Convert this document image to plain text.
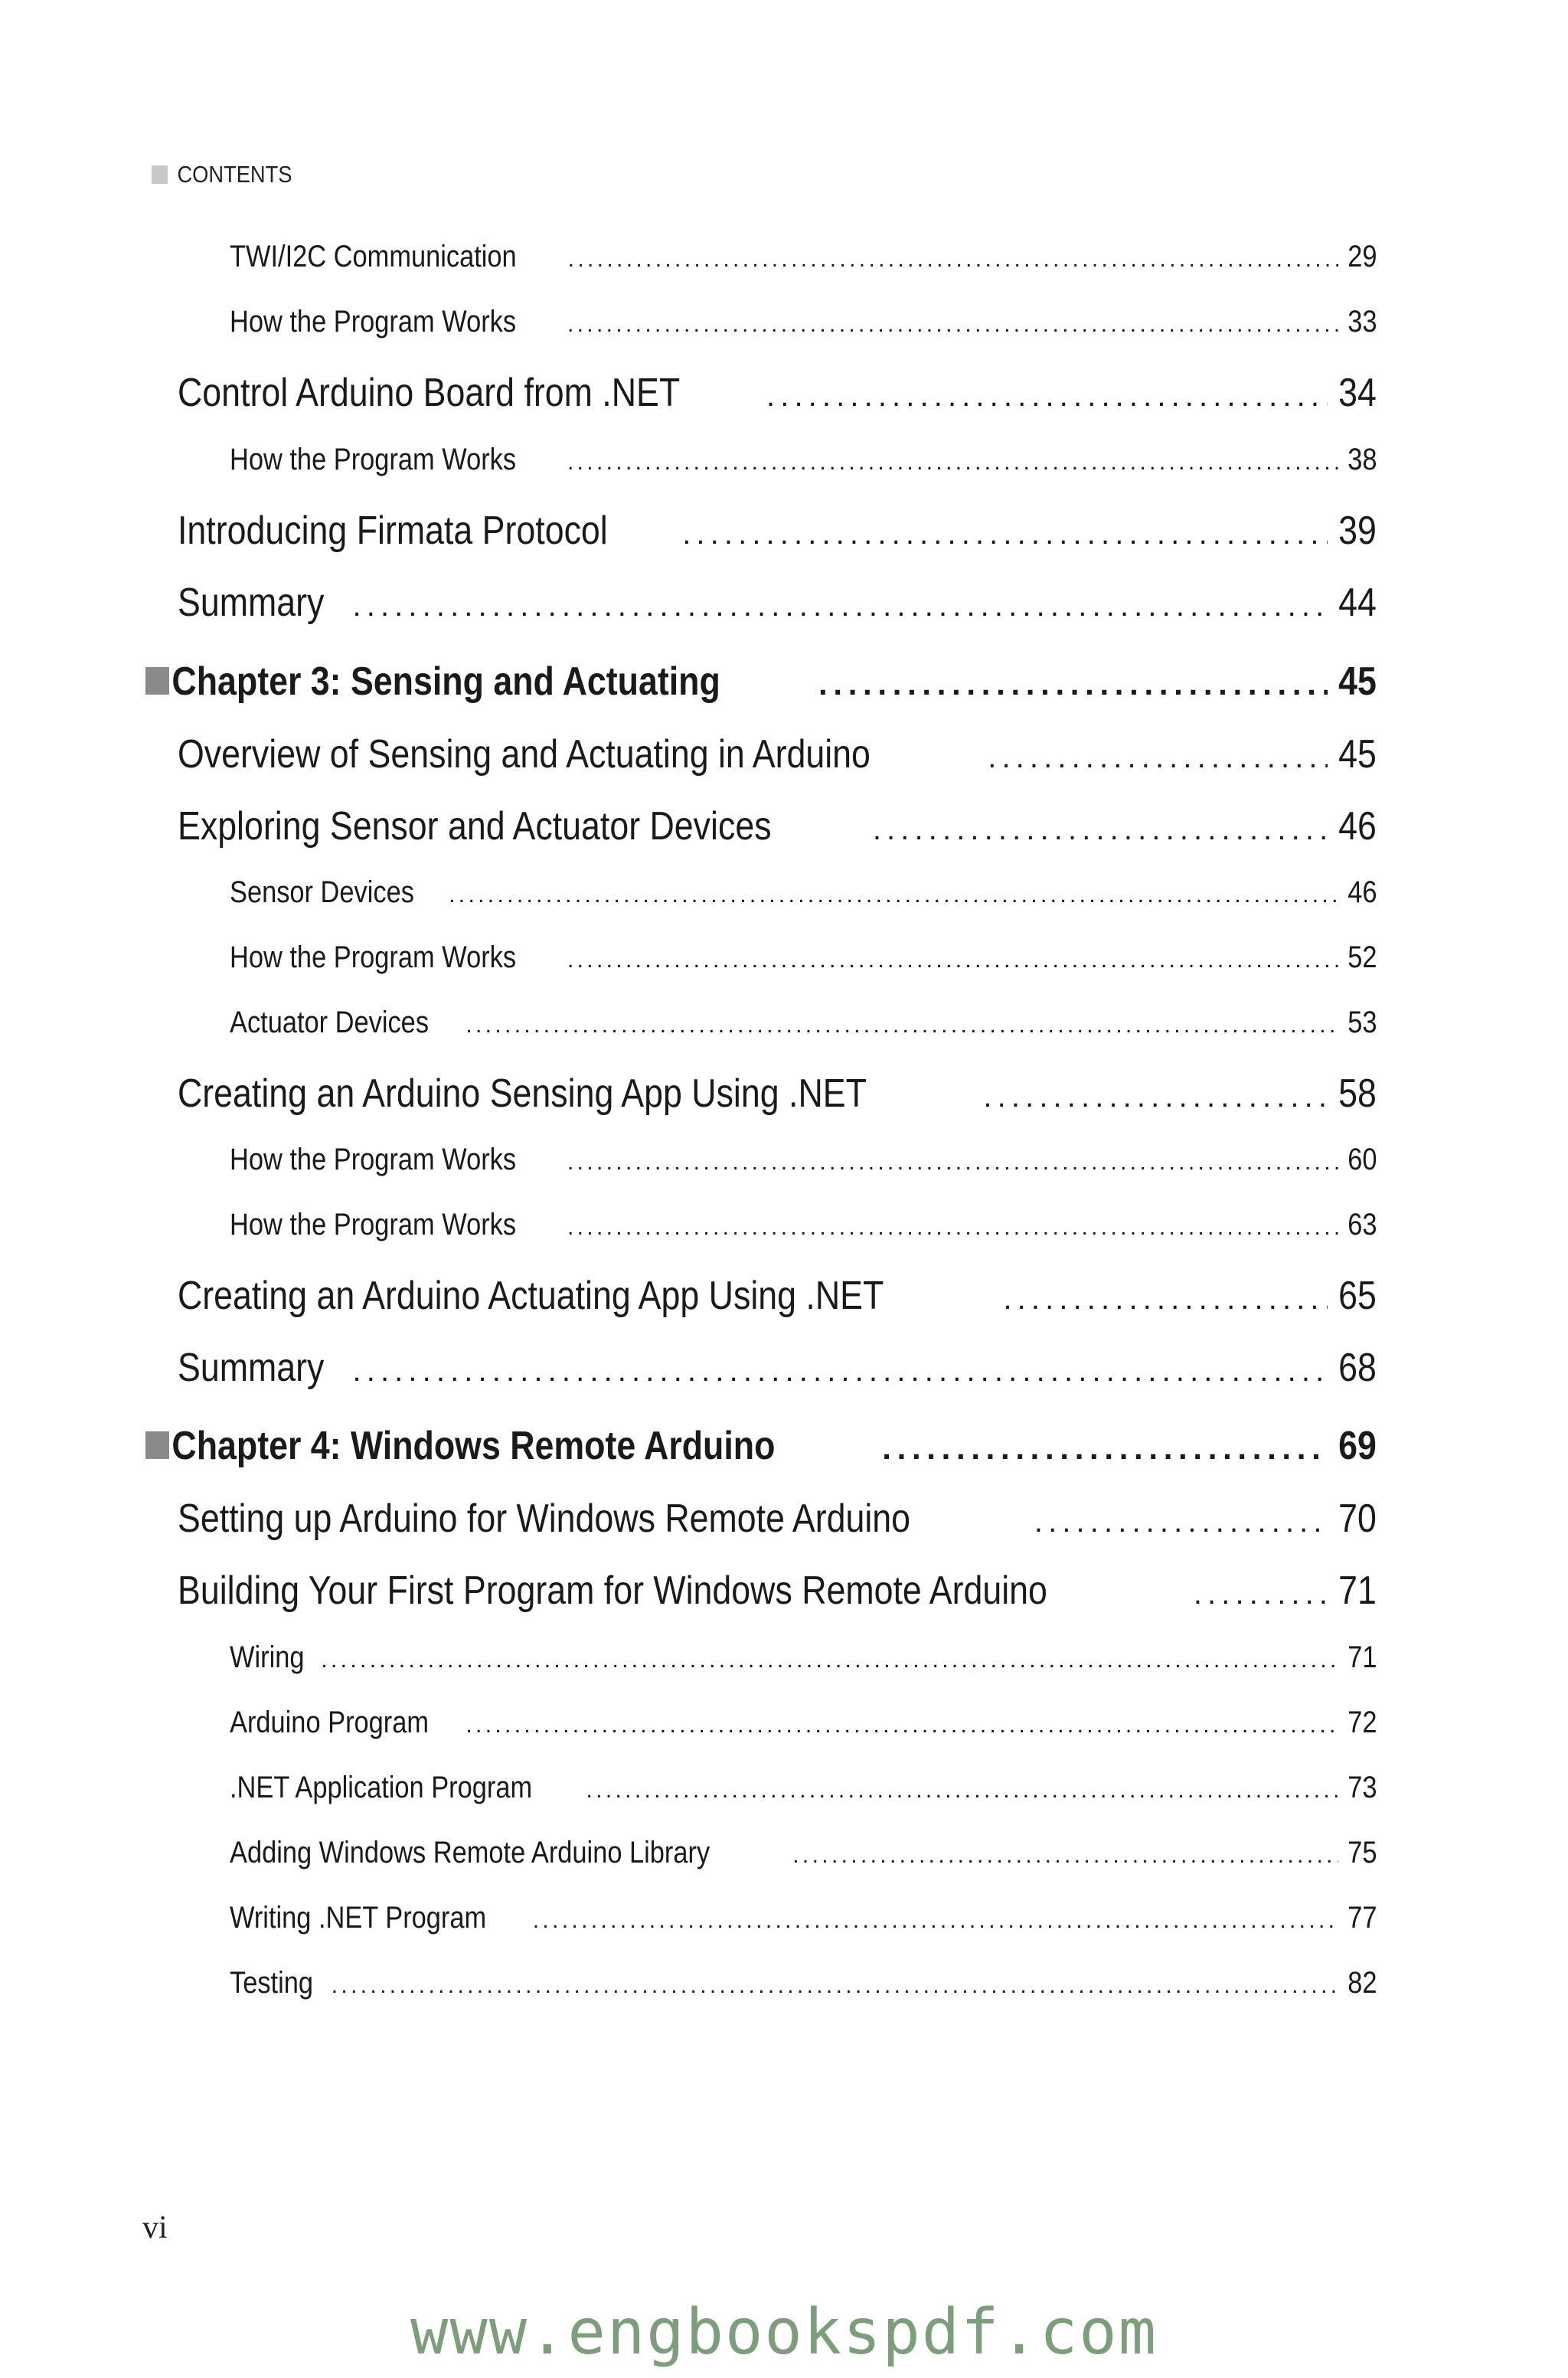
CONTENTS
TWI/I2C Communication . . .	29
How the Program Works . . .	33
Control Arduino Board from .NET . . .	34
How the Program Works . . .	38
Introducing Firmata Protocol . . .	39
Summary . . .	44
Chapter 3: Sensing and Actuating . . .	45
Overview of Sensing and Actuating in Arduino . . .	45
Exploring Sensor and Actuator Devices . . .	46
Sensor Devices . . .	46
How the Program Works . . .	52
Actuator Devices . . .	53
Creating an Arduino Sensing App Using .NET . . .	58
How the Program Works . . .	60
How the Program Works . . .	63
Creating an Arduino Actuating App Using .NET . . .	65
Summary . . .	68
Chapter 4: Windows Remote Arduino . . .	69
Setting up Arduino for Windows Remote Arduino . . .	70
Building Your First Program for Windows Remote Arduino . . .	71
Wiring . . .	71
Arduino Program . . .	72
.NET Application Program . . .	73
Adding Windows Remote Arduino Library . . .	75
Writing .NET Program . . .	77
Testing . . .	82
vi
www.engbookspdf.com
